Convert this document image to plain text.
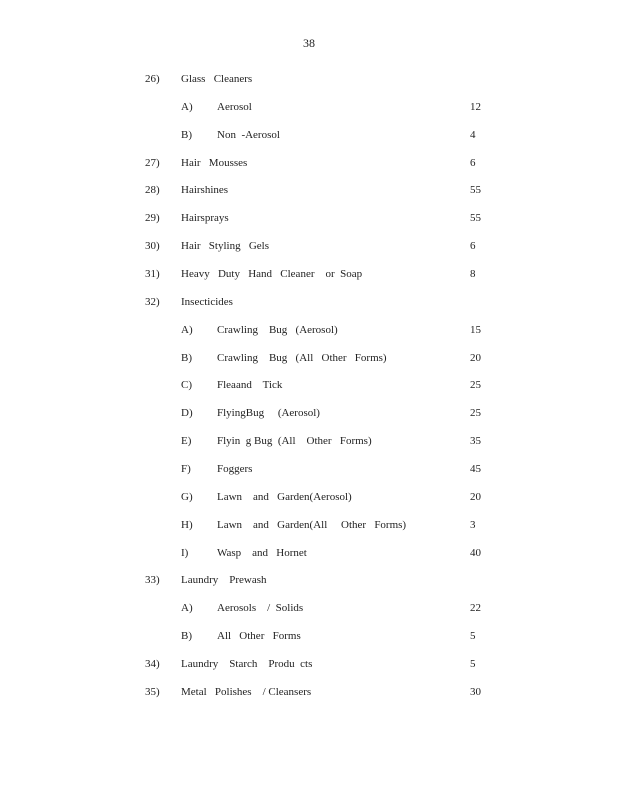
38
26) Glass   Cleaners
A) Aerosol	12
B) Non  -Aerosol	4
27) Hair   Mousses	6
28) Hairshines	55
29) Hairsprays	55
30) Hair   Styling   Gels	6
31) Heavy   Duty   Hand   Cleaner    or  Soap	8
32) Insecticides
A) Crawling    Bug   (Aerosol)	15
B) Crawling    Bug   (All   Other   Forms)	20
C) Fleaand    Tick	25
D) FlyingBug     (Aerosol)	25
E) Flyin  g Bug  (All    Other   Forms)	35
F) Foggers	45
G) Lawn    and   Garden(Aerosol)	20
H) Lawn    and   Garden(All     Other   Forms)	3
I)	Wasp    and   Hornet	40
33) Laundry    Prewash
A) Aerosols    /  Solids	22
B) All   Other   Forms	5
34) Laundry    Starch    Produ  cts	5
35) Metal   Polishes    / Cleansers	30
